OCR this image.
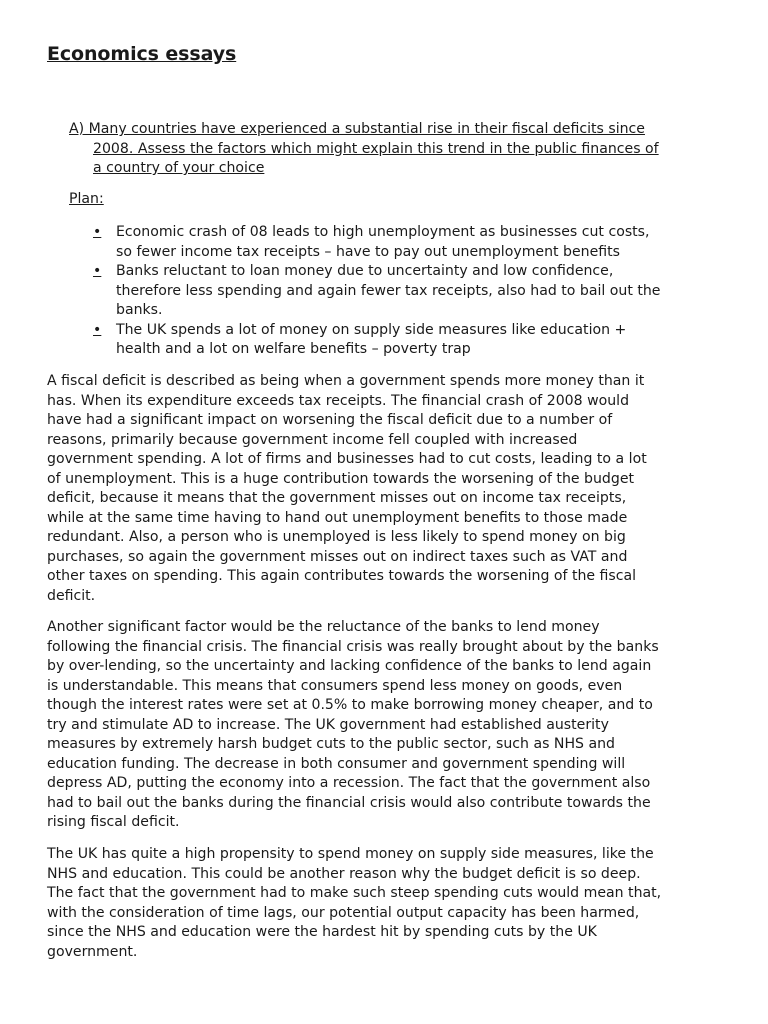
Economics essays
A) Many countries have experienced a substantial rise in their fiscal deficits since
2008. Assess the factors which might explain this trend in the public finances of
a country of your choice
Plan:
•	Economic crash of 08 leads to high unemployment as businesses cut costs,
so fewer income tax receipts – have to pay out unemployment benefits
•	Banks reluctant to loan money due to uncertainty and low confidence,
therefore less spending and again fewer tax receipts, also had to bail out the
banks.
•	The UK spends a lot of money on supply side measures like education +
health and a lot on welfare benefits – poverty trap
A fiscal deficit is described as being when a government spends more money than it
has. When its expenditure exceeds tax receipts. The financial crash of 2008 would
have had a significant impact on worsening the fiscal deficit due to a number of
reasons, primarily because government income fell coupled with increased
government spending. A lot of firms and businesses had to cut costs, leading to a lot
of unemployment. This is a huge contribution towards the worsening of the budget
deficit, because it means that the government misses out on income tax receipts,
while at the same time having to hand out unemployment benefits to those made
redundant. Also, a person who is unemployed is less likely to spend money on big
purchases, so again the government misses out on indirect taxes such as VAT and
other taxes on spending. This again contributes towards the worsening of the fiscal
deficit.
Another significant factor would be the reluctance of the banks to lend money
following the financial crisis. The financial crisis was really brought about by the banks
by over-lending, so the uncertainty and lacking confidence of the banks to lend again
is understandable. This means that consumers spend less money on goods, even
though the interest rates were set at 0.5% to make borrowing money cheaper, and to
try and stimulate AD to increase. The UK government had established austerity
measures by extremely harsh budget cuts to the public sector, such as NHS and
education funding. The decrease in both consumer and government spending will
depress AD, putting the economy into a recession. The fact that the government also
had to bail out the banks during the financial crisis would also contribute towards the
rising fiscal deficit.
The UK has quite a high propensity to spend money on supply side measures, like the
NHS and education. This could be another reason why the budget deficit is so deep.
The fact that the government had to make such steep spending cuts would mean that,
with the consideration of time lags, our potential output capacity has been harmed,
since the NHS and education were the hardest hit by spending cuts by the UK
government.
